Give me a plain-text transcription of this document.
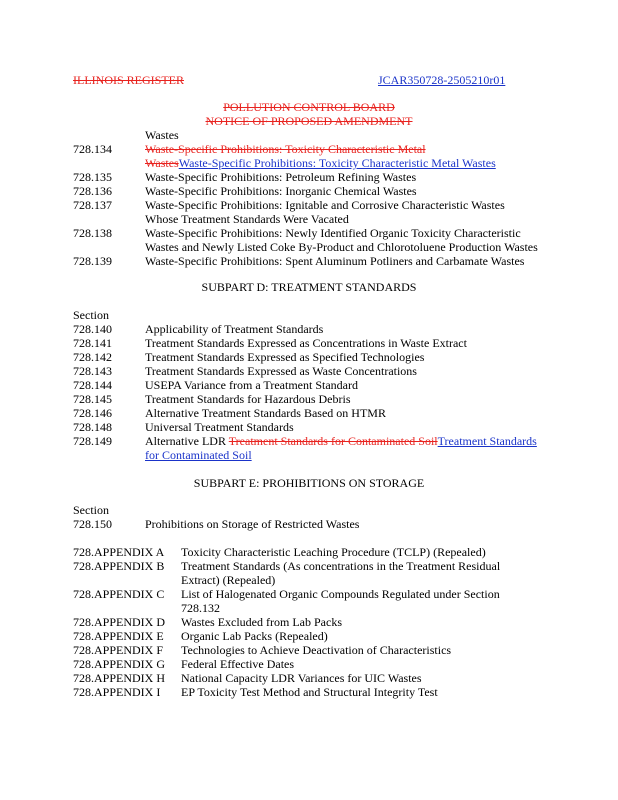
ILLINOIS REGISTER	JCAR350728-2505210r01
POLLUTION CONTROL BOARD
NOTICE OF PROPOSED AMENDMENT
Wastes
728.134	Waste-Specific Prohibitions: Toxicity Characteristic Metal
WastesWaste-Specific Prohibitions: Toxicity Characteristic Metal Wastes
728.135	Waste-Specific Prohibitions: Petroleum Refining Wastes
728.136	Waste-Specific Prohibitions: Inorganic Chemical Wastes
728.137	Waste-Specific Prohibitions: Ignitable and Corrosive Characteristic Wastes
Whose Treatment Standards Were Vacated
728.138	Waste-Specific Prohibitions: Newly Identified Organic Toxicity Characteristic
Wastes and Newly Listed Coke By-Product and Chlorotoluene Production Wastes
728.139	Waste-Specific Prohibitions: Spent Aluminum Potliners and Carbamate Wastes
SUBPART D: TREATMENT STANDARDS
Section
728.140	Applicability of Treatment Standards
728.141	Treatment Standards Expressed as Concentrations in Waste Extract
728.142	Treatment Standards Expressed as Specified Technologies
728.143	Treatment Standards Expressed as Waste Concentrations
728.144	USEPA Variance from a Treatment Standard
728.145	Treatment Standards for Hazardous Debris
728.146	Alternative Treatment Standards Based on HTMR
728.148	Universal Treatment Standards
728.149	Alternative LDR Treatment Standards for Contaminated SoilTreatment Standards
for Contaminated Soil
SUBPART E: PROHIBITIONS ON STORAGE
Section
728.150	Prohibitions on Storage of Restricted Wastes
728.APPENDIX A Toxicity Characteristic Leaching Procedure (TCLP) (Repealed)
728.APPENDIX B Treatment Standards (As concentrations in the Treatment Residual
Extract) (Repealed)
728.APPENDIX C List of Halogenated Organic Compounds Regulated under Section
728.132
728.APPENDIX D Wastes Excluded from Lab Packs
728.APPENDIX E Organic Lab Packs (Repealed)
728.APPENDIX F Technologies to Achieve Deactivation of Characteristics
728.APPENDIX G Federal Effective Dates
728.APPENDIX H National Capacity LDR Variances for UIC Wastes
728.APPENDIX I EP Toxicity Test Method and Structural Integrity Test
